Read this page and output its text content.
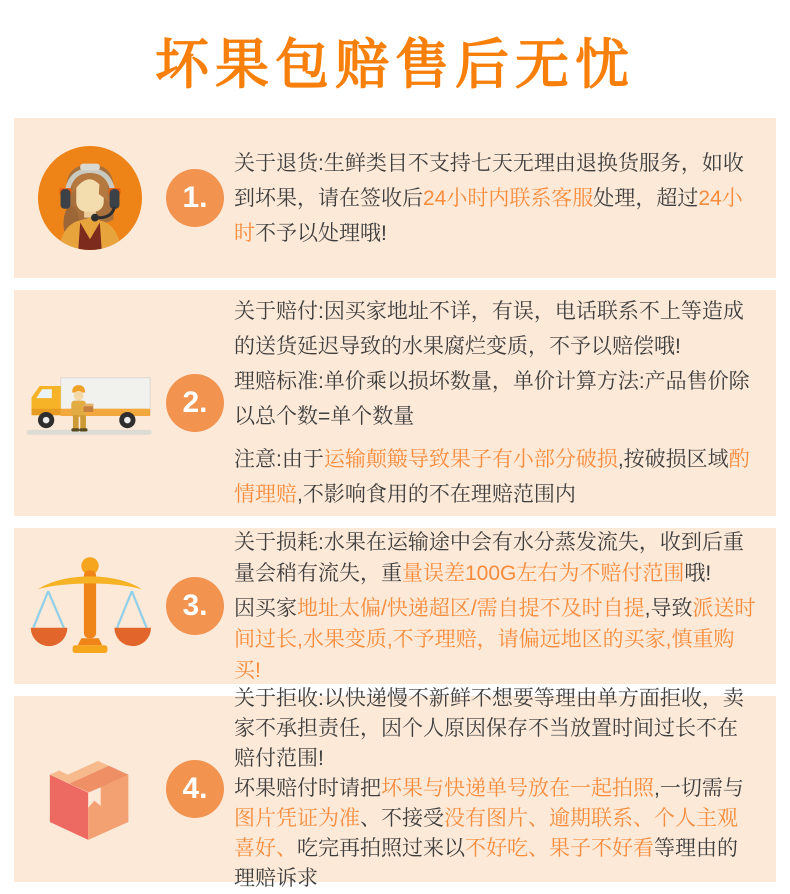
坏果包赔售后无忧
1.

关于退货:生鲜类目不支持七天无理由退换货服务，如收到坏果，请在签收后24小时内联系客服处理，超过24小时不予以处理哦!

2.

关于赔付:因买家地址不详，有误，电话联系不上等造成的送货延迟导致的水果腐烂变质，不予以赔偿哦!

理赔标准:单价乘以损坏数量，单价计算方法:产品售价除以总个数=单个数量

注意:由于运输颠簸导致果子有小部分破损,按破损区域酌情理赔,不影响食用的不在理赔范围内

3.

关于损耗:水果在运输途中会有水分蒸发流失，收到后重量会稍有流失，重量误差100G左右为不赔付范围哦!

因买家地址太偏/快递超区/需自提不及时自提,导致派送时间过长,水果变质,不予理赔，请偏远地区的买家,慎重购买!

4.

关于拒收:以快递慢不新鲜不想要等理由单方面拒收，卖家不承担责任，因个人原因保存不当放置时间过长不在赔付范围!

坏果赔付时请把坏果与快递单号放在一起拍照,一切需与图片凭证为准、不接受没有图片、逾期联系、个人主观喜好、吃完再拍照过来以不好吃、果子不好看等理由的理赔诉求
